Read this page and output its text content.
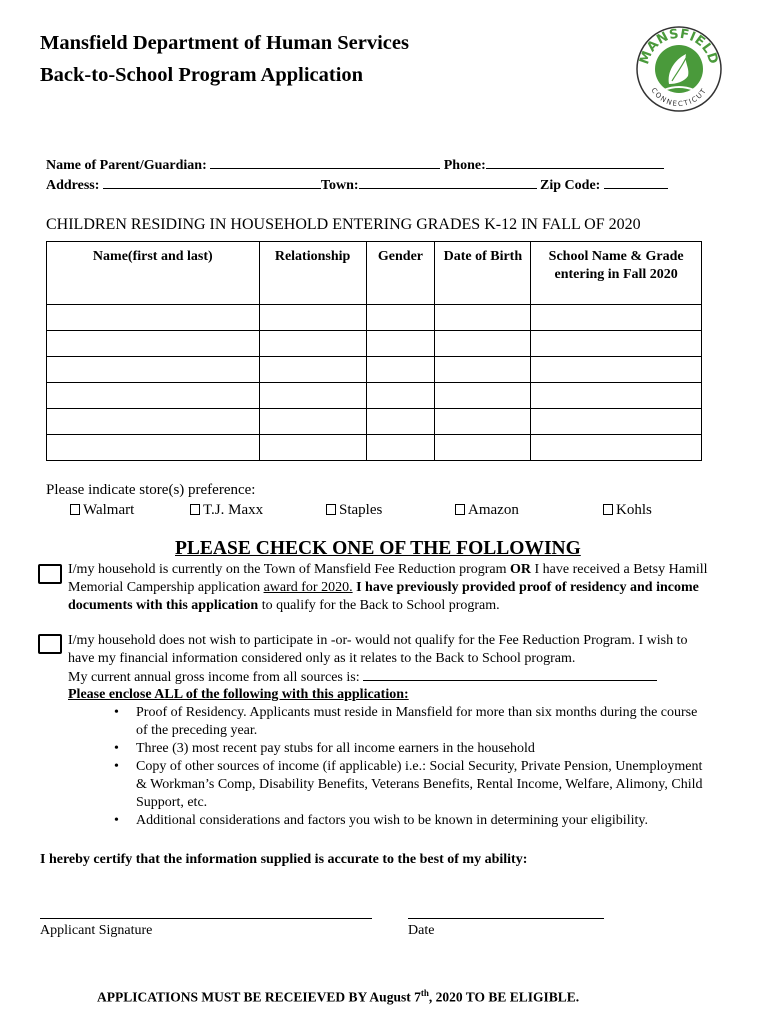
Mansfield Department of Human Services
Back-to-School Program Application
MANSFIELD
CONNECTICUT
Name of Parent/Guardian:	Phone:
Address:	Town:	Zip Code:
CHILDREN RESIDING IN HOUSEHOLD ENTERING GRADES K-12 IN FALL OF 2020
Name(first and last)	Relationship	Gender	Date of Birth	School Name & Grade entering in Fall 2020

Please indicate store(s) preference:
Walmart	T.J. Maxx	Staples	Amazon	Kohls
PLEASE CHECK ONE OF THE FOLLOWING
I/my household is currently on the Town of Mansfield Fee Reduction program OR I have received a Betsy Hamill Memorial Campership application award for 2020. I have previously provided proof of residency and income documents with this application to qualify for the Back to School program.
I/my household does not wish to participate in -or- would not qualify for the Fee Reduction Program. I wish to have my financial information considered only as it relates to the Back to School program.
My current annual gross income from all sources is:
Please enclose ALL of the following with this application:
• Proof of Residency. Applicants must reside in Mansfield for more than six months during the course of the preceding year.
• Three (3) most recent pay stubs for all income earners in the household
• Copy of other sources of income (if applicable) i.e.: Social Security, Private Pension, Unemployment & Workman’s Comp, Disability Benefits, Veterans Benefits, Rental Income, Welfare, Alimony, Child Support, etc.
• Additional considerations and factors you wish to be known in determining your eligibility.
I hereby certify that the information supplied is accurate to the best of my ability:
Applicant Signature	Date
APPLICATIONS MUST BE RECEIEVED BY August 7th, 2020 TO BE ELIGIBLE.
